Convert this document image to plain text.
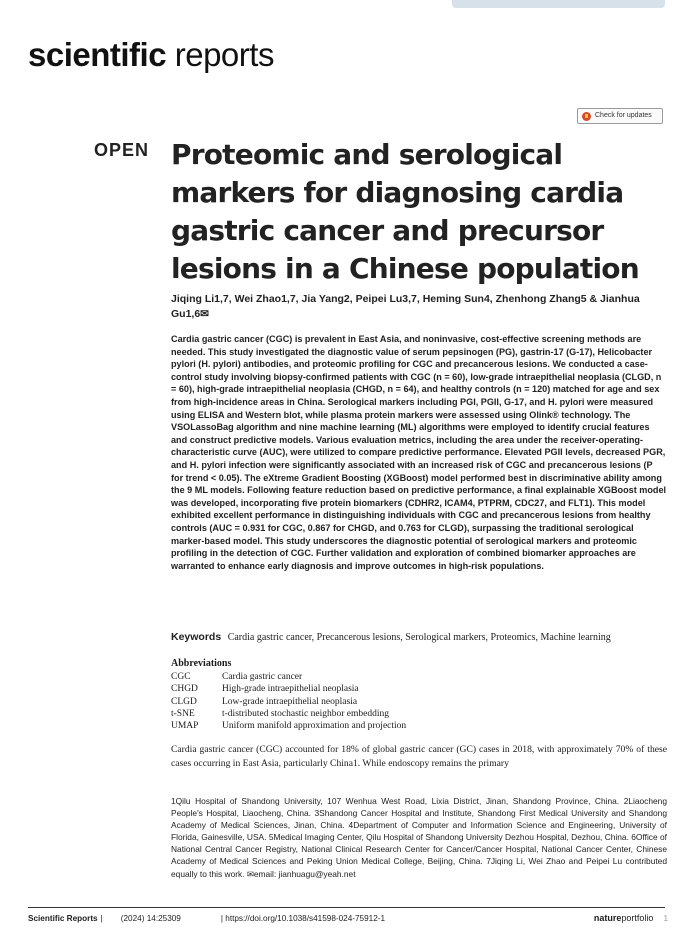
scientific reports
Check for updates
OPEN Proteomic and serological markers for diagnosing cardia gastric cancer and precursor lesions in a Chinese population
Jiqing Li1,7, Wei Zhao1,7, Jia Yang2, Peipei Lu3,7, Heming Sun4, Zhenhong Zhang5 & Jianhua Gu1,6✉

Cardia gastric cancer (CGC) is prevalent in East Asia, and noninvasive, cost-effective screening methods are needed. This study investigated the diagnostic value of serum pepsinogen (PG), gastrin-17 (G-17), Helicobacter pylori (H. pylori) antibodies, and proteomic profiling for CGC and precancerous lesions. We conducted a case-control study involving biopsy-confirmed patients with CGC (n = 60), low-grade intraepithelial neoplasia (CLGD, n = 60), high-grade intraepithelial neoplasia (CHGD, n = 64), and healthy controls (n = 120) matched for age and sex from high-incidence areas in China. Serological markers including PGI, PGII, G-17, and H. pylori were measured using ELISA and Western blot, while plasma protein markers were assessed using Olink® technology. The VSOLassoBag algorithm and nine machine learning (ML) algorithms were employed to identify crucial features and construct predictive models. Various evaluation metrics, including the area under the receiver-operating-characteristic curve (AUC), were utilized to compare predictive performance. Elevated PGII levels, decreased PGR, and H. pylori infection were significantly associated with an increased risk of CGC and precancerous lesions (P for trend < 0.05). The eXtreme Gradient Boosting (XGBoost) model performed best in discriminative ability among the 9 ML models. Following feature reduction based on predictive performance, a final explainable XGBoost model was developed, incorporating five protein biomarkers (CDHR2, ICAM4, PTPRM, CDC27, and FLT1). This model exhibited excellent performance in distinguishing individuals with CGC and precancerous lesions from healthy controls (AUC = 0.931 for CGC, 0.867 for CHGD, and 0.763 for CLGD), surpassing the traditional serological marker-based model. This study underscores the diagnostic potential of serological markers and proteomic profiling in the detection of CGC. Further validation and exploration of combined biomarker approaches are warranted to enhance early diagnosis and improve outcomes in high-risk populations.

Keywords Cardia gastric cancer, Precancerous lesions, Serological markers, Proteomics, Machine learning
Abbreviations
CGC	Cardia gastric cancer
CHGD	High-grade intraepithelial neoplasia
CLGD	Low-grade intraepithelial neoplasia
t-SNE	t-distributed stochastic neighbor embedding
UMAP	Uniform manifold approximation and projection

Cardia gastric cancer (CGC) accounted for 18% of global gastric cancer (GC) cases in 2018, with approximately 70% of these cases occurring in East Asia, particularly China1. While endoscopy remains the primary

1Qilu Hospital of Shandong University, 107 Wenhua West Road, Lixia District, Jinan, Shandong Province, China. 2Liaocheng People's Hospital, Liaocheng, China. 3Shandong Cancer Hospital and Institute, Shandong First Medical University and Shandong Academy of Medical Sciences, Jinan, China. 4Department of Computer and Information Science and Engineering, University of Florida, Gainesville, USA. 5Medical Imaging Center, Qilu Hospital of Shandong University Dezhou Hospital, Dezhou, China. 6Office of National Central Cancer Registry, National Clinical Research Center for Cancer/Cancer Hospital, National Cancer Center, Chinese Academy of Medical Sciences and Peking Union Medical College, Beijing, China. 7Jiqing Li, Wei Zhao and Peipei Lu contributed equally to this work. ✉email: jianhuagu@yeah.net

Scientific Reports | (2024) 14:25309	| https://doi.org/10.1038/s41598-024-75912-1	natureportfolio 1
